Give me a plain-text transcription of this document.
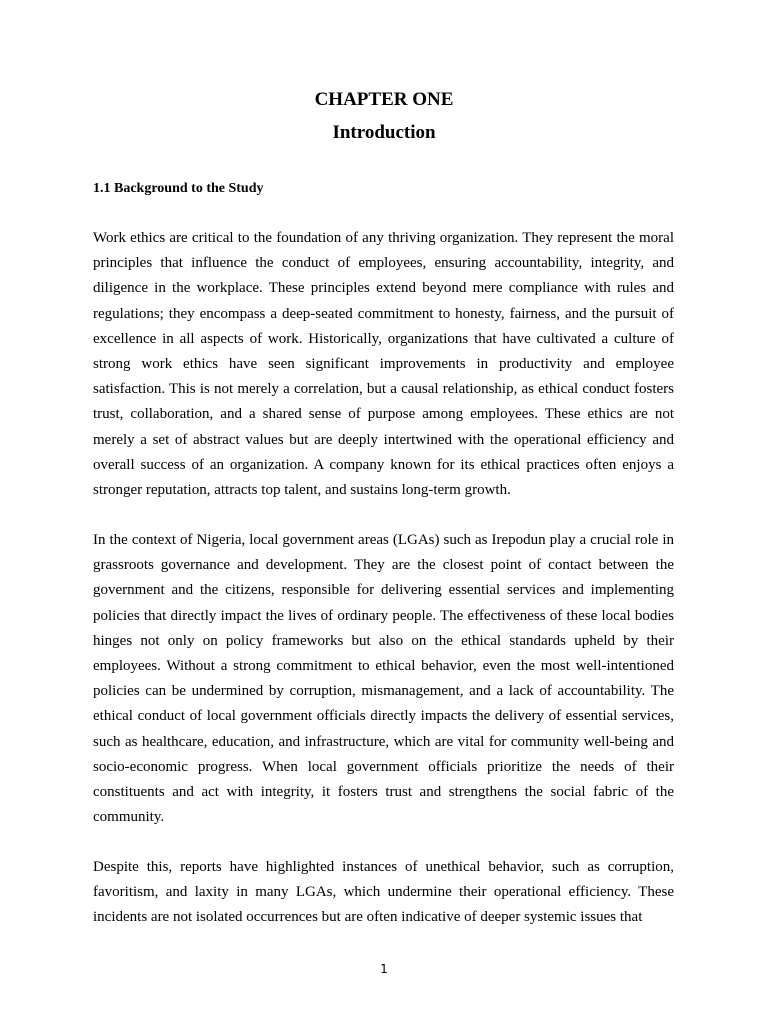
CHAPTER ONE
Introduction
1.1 Background to the Study

Work ethics are critical to the foundation of any thriving organization. They represent the moral principles that influence the conduct of employees, ensuring accountability, integrity, and diligence in the workplace. These principles extend beyond mere compliance with rules and regulations; they encompass a deep-seated commitment to honesty, fairness, and the pursuit of excellence in all aspects of work. Historically, organizations that have cultivated a culture of strong work ethics have seen significant improvements in productivity and employee satisfaction. This is not merely a correlation, but a causal relationship, as ethical conduct fosters trust, collaboration, and a shared sense of purpose among employees. These ethics are not merely a set of abstract values but are deeply intertwined with the operational efficiency and overall success of an organization. A company known for its ethical practices often enjoys a stronger reputation, attracts top talent, and sustains long-term growth.

In the context of Nigeria, local government areas (LGAs) such as Irepodun play a crucial role in grassroots governance and development. They are the closest point of contact between the government and the citizens, responsible for delivering essential services and implementing policies that directly impact the lives of ordinary people. The effectiveness of these local bodies hinges not only on policy frameworks but also on the ethical standards upheld by their employees. Without a strong commitment to ethical behavior, even the most well-intentioned policies can be undermined by corruption, mismanagement, and a lack of accountability. The ethical conduct of local government officials directly impacts the delivery of essential services, such as healthcare, education, and infrastructure, which are vital for community well-being and socio-economic progress. When local government officials prioritize the needs of their constituents and act with integrity, it fosters trust and strengthens the social fabric of the community.

Despite this, reports have highlighted instances of unethical behavior, such as corruption, favoritism, and laxity in many LGAs, which undermine their operational efficiency. These incidents are not isolated occurrences but are often indicative of deeper systemic issues that

1
